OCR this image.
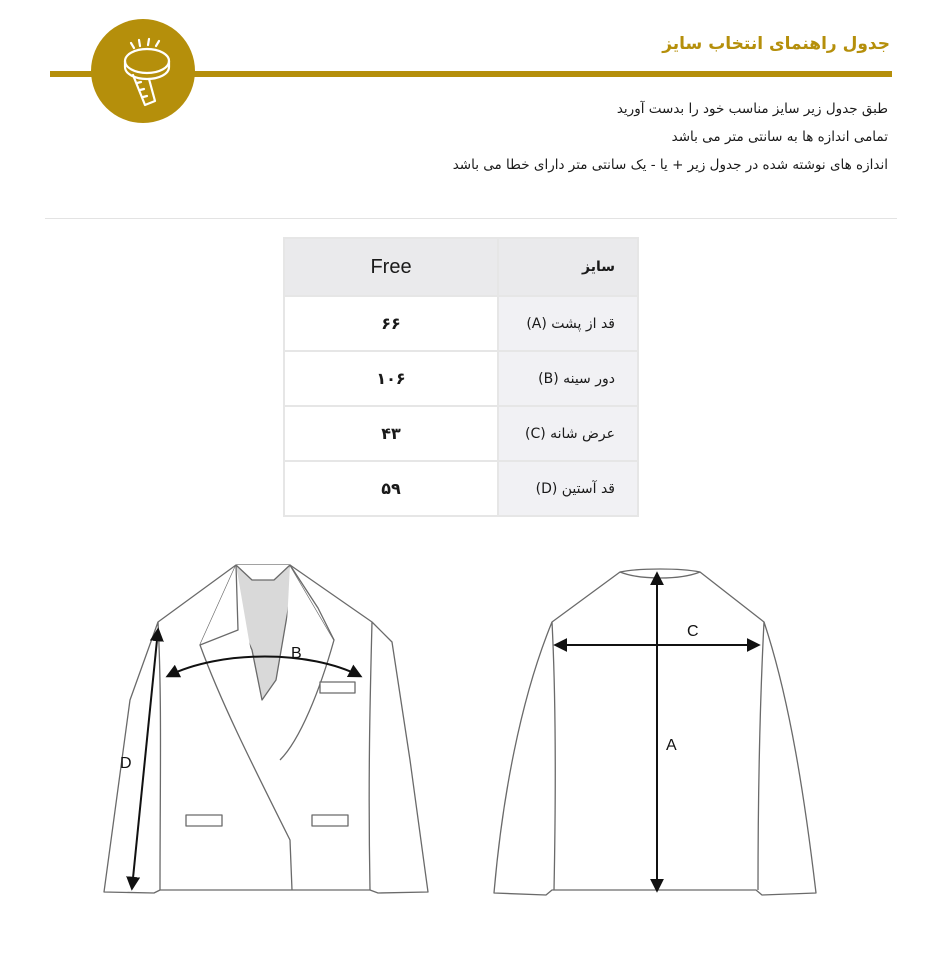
جدول راهنمای انتخاب سایز
طبق جدول زیر سایز مناسب خود را بدست آورید
تمامی اندازه ها به سانتی متر می باشد
اندازه های نوشته شده در جدول زیر + یا - یک سانتی متر دارای خطا می باشد
سایز	Free
قد از پشت (A)	۶۶
دور سینه (B)	۱۰۶
عرض شانه (C)	۴۳
قد آستین (D)	۵۹
B
D
A
C
